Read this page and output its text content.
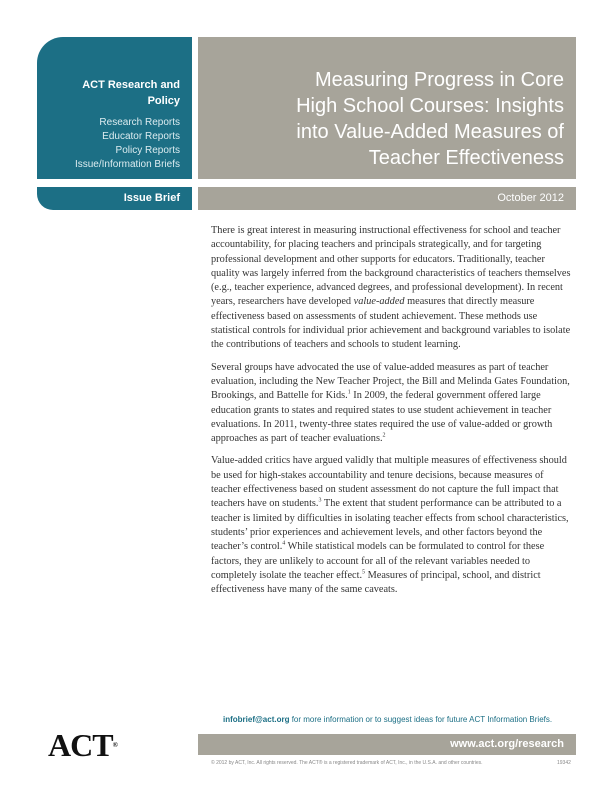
ACT Research and
Policy
Research Reports
Educator Reports
Policy Reports
Issue/Information Briefs
Measuring Progress in Core
High School Courses: Insights
into Value-Added Measures of
Teacher Effectiveness
Issue Brief	October 2012

There is great interest in measuring instructional effectiveness for school and teacher accountability, for placing teachers and principals strategically, and for targeting professional development and other supports for educators. Traditionally, teacher quality was largely inferred from the background characteristics of teachers themselves (e.g., teacher experience, advanced degrees, and professional development). In recent years, researchers have developed value-added measures that directly measure effectiveness based on assessments of student achievement. These methods use statistical controls for individual prior achievement and background variables to isolate the contributions of teachers and schools to student learning.

Several groups have advocated the use of value-added measures as part of teacher evaluation, including the New Teacher Project, the Bill and Melinda Gates Foundation, Brookings, and Battelle for Kids.$^1$ In 2009, the federal government offered large education grants to states and required states to use student achievement in teacher evaluations. In 2011, twenty-three states required the use of value-added or growth approaches as part of teacher evaluations.$^2$

Value-added critics have argued validly that multiple measures of effectiveness should be used for high-stakes accountability and tenure decisions, because measures of teacher effectiveness based on student assessment do not capture the full impact that teachers have on students.$^3$ The extent that student performance can be attributed to a teacher is limited by difficulties in isolating teacher effects from school characteristics, students’ prior experiences and achievement levels, and other factors beyond the teacher’s control.$^4$ While statistical models can be formulated to control for these factors, they are unlikely to account for all of the relevant variables needed to completely isolate the teacher effect.$^5$ Measures of principal, school, and district effectiveness have many of the same caveats.

infobrief@act.org for more information or to suggest ideas for future ACT Information Briefs.
ACT®	www.act.org/research
© 2012 by ACT, Inc. All rights reserved. The ACT® is a registered trademark of ACT, Inc., in the U.S.A. and other countries.	19342
